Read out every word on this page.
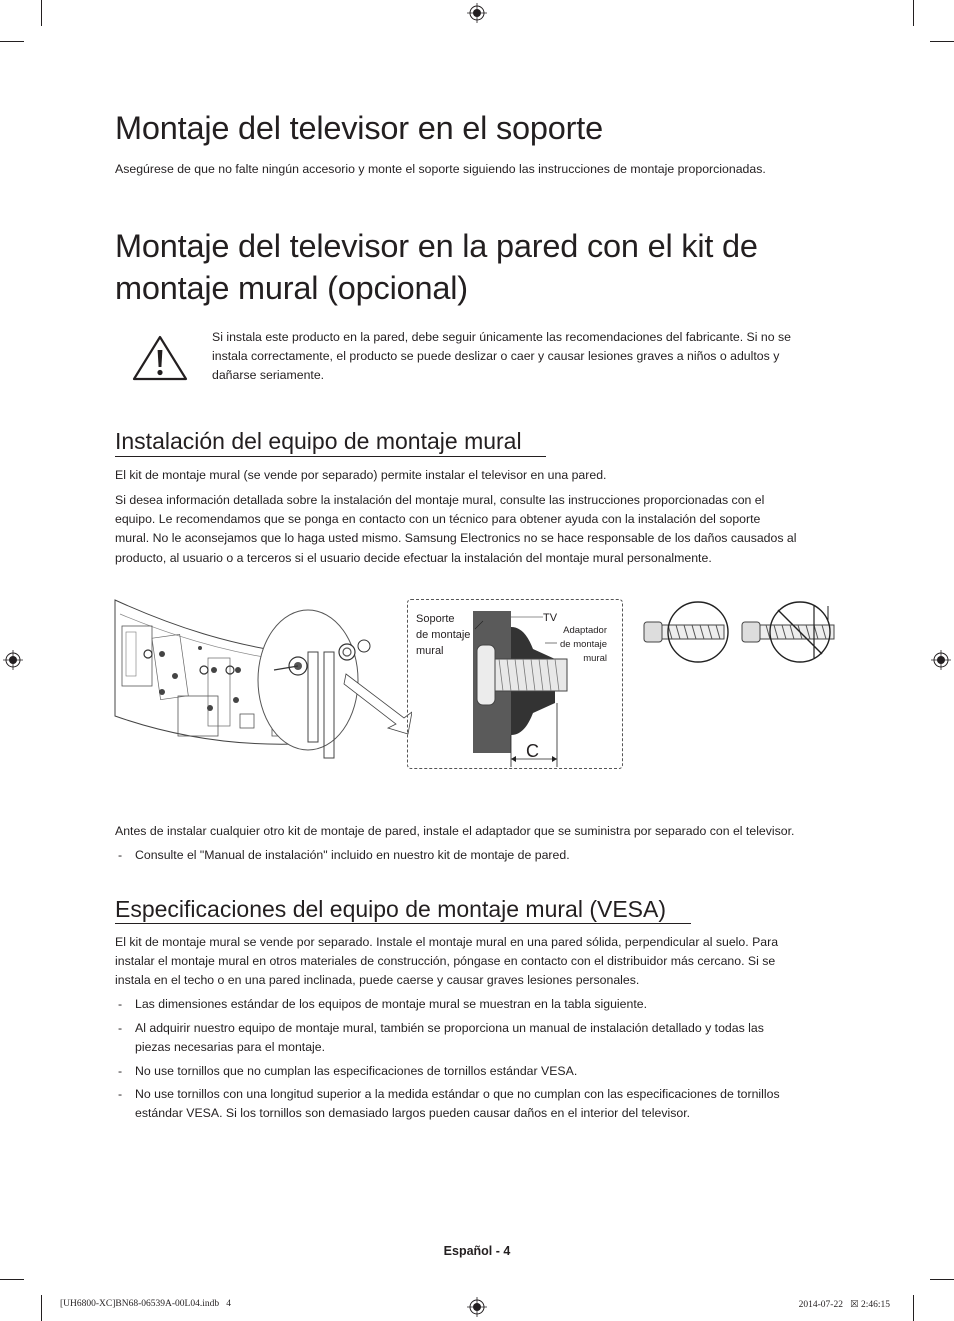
Montaje del televisor en el soporte

Asegúrese de que no falte ningún accesorio y monte el soporte siguiendo las instrucciones de montaje proporcionadas.

Montaje del televisor en la pared con el kit de
montaje mural (opcional)
Si instala este producto en la pared, debe seguir únicamente las recomendaciones del fabricante. Si no se
instala correctamente, el producto se puede deslizar o caer y causar lesiones graves a niños o adultos y
dañarse seriamente.
Instalación del equipo de montaje mural

El kit de montaje mural (se vende por separado) permite instalar el televisor en una pared.

Si desea información detallada sobre la instalación del montaje mural, consulte las instrucciones proporcionadas con el
equipo. Le recomendamos que se ponga en contacto con un técnico para obtener ayuda con la instalación del soporte
mural. No le aconsejamos que lo haga usted mismo. Samsung Electronics no se hace responsable de los daños causados al
producto, al usuario o a terceros si el usuario decide efectuar la instalación del montaje mural personalmente.
Soporte
de montaje
mural
TV
Adaptador
de montaje
mural
C

Antes de instalar cualquier otro kit de montaje de pared, instale el adaptador que se suministra por separado con el televisor.

- Consulte el "Manual de instalación" incluido en nuestro kit de montaje de pared.
Especificaciones del equipo de montaje mural (VESA)
El kit de montaje mural se vende por separado. Instale el montaje mural en una pared sólida, perpendicular al suelo. Para
instalar el montaje mural en otros materiales de construcción, póngase en contacto con el distribuidor más cercano. Si se
instala en el techo o en una pared inclinada, puede caerse y causar graves lesiones personales.
- Las dimensiones estándar de los equipos de montaje mural se muestran en la tabla siguiente.
- Al adquirir nuestro equipo de montaje mural, también se proporciona un manual de instalación detallado y todas las
piezas necesarias para el montaje.
- No use tornillos que no cumplan las especificaciones de tornillos estándar VESA.
- No use tornillos con una longitud superior a la medida estándar o que no cumplan con las especificaciones de tornillos
estándar VESA. Si los tornillos son demasiado largos pueden causar daños en el interior del televisor.
Español - 4
[UH6800-XC]BN68-06539A-00L04.indb   4	2014-07-22   ☒ 2:46:15
